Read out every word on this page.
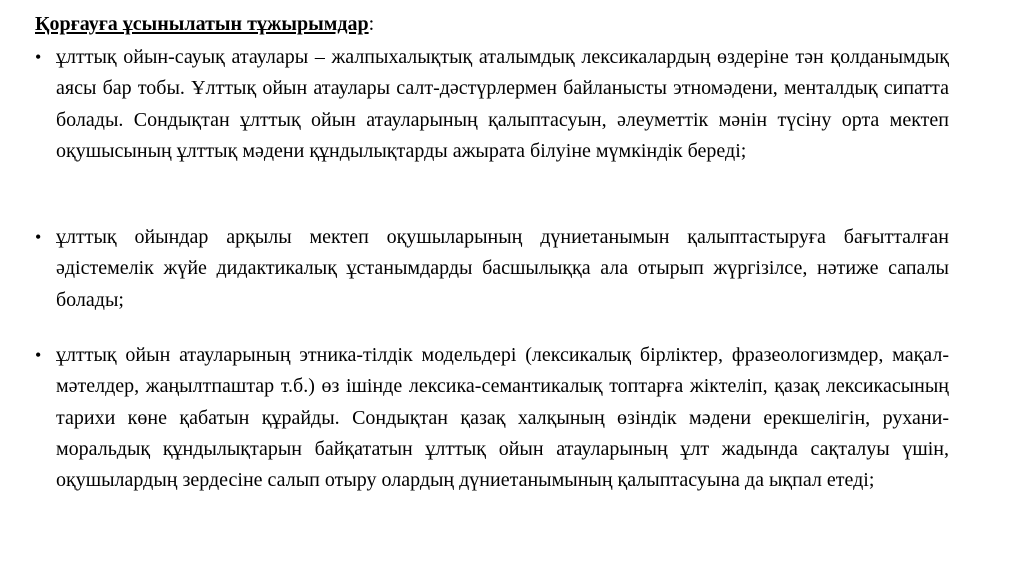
Қорғауға ұсынылатын тұжырымдар:
• ұлттық ойын-сауық атаулары – жалпыхалықтық аталымдық лексикалардың өздеріне тән қолданымдық аясы бар тобы. Ұлттық ойын атаулары салт-дәстүрлермен байланысты этномәдени, менталдық сипатта болады. Сондықтан ұлттық ойын атауларының қалыптасуын, әлеуметтік мәнін түсіну орта мектеп оқушысының ұлттық мәдени құндылықтарды ажырата білуіне мүмкіндік береді;
• ұлттық ойындар арқылы мектеп оқушыларының дүниетанымын қалыптастыруға бағытталған әдістемелік жүйе дидактикалық ұстанымдарды басшылыққа ала отырып жүргізілсе, нәтиже сапалы болады;
• ұлттық ойын атауларының этника-тілдік модельдері (лексикалық бірліктер, фразеологизмдер, мақал-мәтелдер, жаңылтпаштар т.б.) өз ішінде лексика-семантикалық топтарға жіктеліп, қазақ лексикасының тарихи көне қабатын құрайды. Сондықтан қазақ халқының өзіндік мәдени ерекшелігін, рухани-моральдық құндылықтарын байқататын ұлттық ойын атауларының ұлт жадында сақталуы үшін, оқушылардың зердесіне салып отыру олардың дүниетанымының қалыптасуына да ықпал етеді;
